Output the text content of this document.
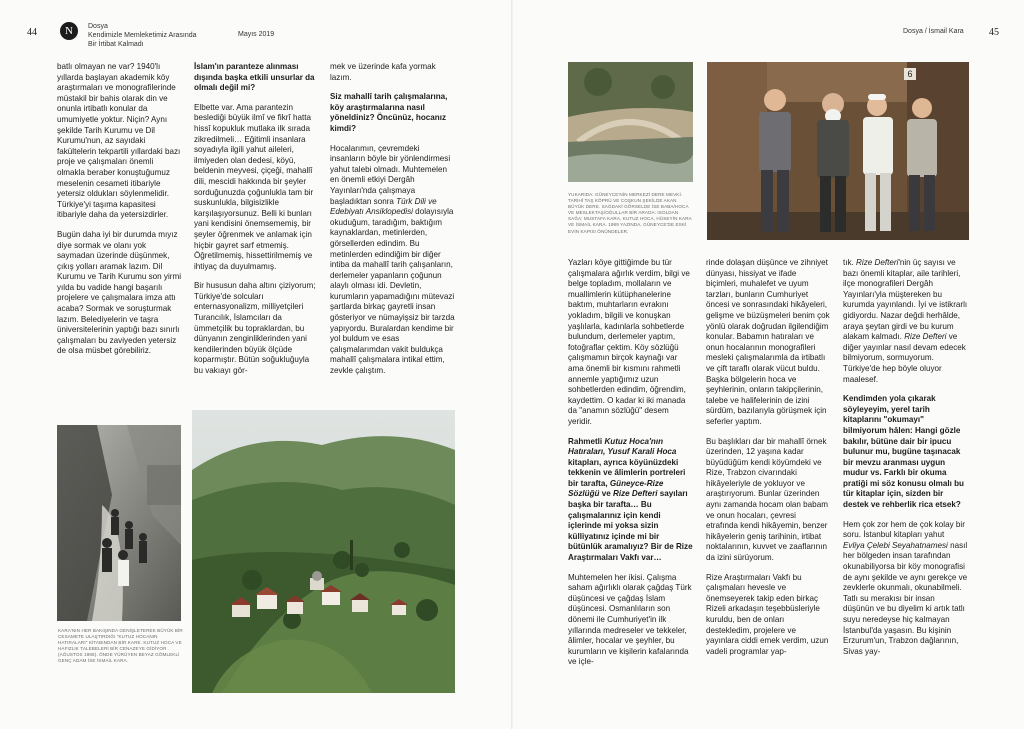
44	N	Dosya
Kendimizle Memleketimiz Arasında
Bir İrtibat Kalmadı
Mayıs 2019	Dosya / İsmail Kara	45

batlı olmayan ne var? 1940'lı yıllarda başlayan akademik köy araştırmaları ve monografilerinde müstakil bir bahis olarak din ve onunla irtibatlı konular da umumiyetle yoktur. Niçin? Aynı şekilde Tarih Kurumu ve Dil Kurumu'nun, az sayıdaki fakültelerin tekpartili yıllardaki bazı proje ve çalışmaları önemli olmakla beraber konuştuğumuz meselenin cesameti itibariyle yetersiz oldukları söylenmelidir. Türkiye'yi taşıma kapasitesi itibariyle daha da yetersizdirler.

Bugün daha iyi bir durumda mıyız diye sormak ve olanı yok saymadan üzerinde düşünmek, çıkış yolları aramak lazım. Dil Kurumu ve Tarih Kurumu son yirmi yılda bu vadide hangi başarılı projelere ve çalışmalara imza attı acaba? Sormak ve soruşturmak lazım. Belediyelerin ve taşra üniversitelerinin yaptığı bazı sınırlı çalışmaları bu zaviyeden yetersiz de olsa müsbet görebiliriz.

İslam'ın paranteze alınması dışında başka etkili unsurlar da olmalı değil mi?

Elbette var. Ama parantezin beslediği büyük ilmî ve fikrî hatta hissî kopukluk mutlaka ilk sırada zikredilmeli… Eğitimli insanlara soyadıyla ilgili yahut aileleri, ilmiyeden olan dedesi, köyü, beldenin meyvesi, çiçeği, mahallî dili, mescidi hakkında bir şeyler sorduğunuzda çoğunlukla tam bir suskunlukla, bilgisizlikle karşılaşıyorsunuz. Belli ki bunları yani kendisini önemsememiş, bir şeyler öğrenmek ve anlamak için hiçbir gayret sarf etmemiş. Öğretilmemiş, hissettirilmemiş ve ihtiyaç da duyulmamış.

Bir hususun daha altını çiziyorum; Türkiye'de solcuları enternasyonalizm, milliyetçileri Turancılık, İslamcıları da ümmetçilik bu topraklardan, bu dünyanın zenginliklerinden yani kendilerinden büyük ölçüde koparmıştır. Bütün soğukluğuyla bu vakıayı gör-

mek ve üzerinde kafa yormak lazım.

Siz mahallî tarih çalışmalarına, köy araştırmalarına nasıl yöneldiniz? Öncünüz, hocanız kimdi?

Hocalarımın, çevremdeki insanların böyle bir yönlendirmesi yahut talebi olmadı. Muhtemelen en önemli etkiyi Dergâh Yayınları'nda çalışmaya başladıktan sonra Türk Dili ve Edebiyatı Ansiklopedisi dolayısıyla okuduğum, taradığım, baktığım kaynaklardan, metinlerden, görsellerden edindim. Bu metinlerden edindiğim bir diğer intiba da mahallî tarih çalışanların, derlemeler yapanların çoğunun alaylı olması idi. Devletin, kurumların yapamadığını mütevazi şartlarda birkaç gayretli insan gösteriyor ve nümayişsiz bir tarzda yapıyordu. Buralardan kendime bir yol buldum ve esas çalışmalarımdan vakit buldukça mahallî çalışmalara intikal ettim, zevkle çalıştım.

KARA'NIN HER BAKIŞINDA GENİŞLETEREK BÜYÜK BİR CESAMETE ULAŞTIRDIĞI "KUTUZ HOCANIN HATIRALARI" KİTABINDAN BİR KARE. KUTUZ HOCA VE HAFIZLIK TALEBELERİ BİR CENAZEYE GİDİYOR (AĞUSTOS 1986). ÖNDE YÜRÜYEN BEYAZ GÖMLEKLİ GENÇ ADAM İSE İSMAİL KARA.
YUKARIDA: GÜNEYCE'NİN MERKEZİ DERE MEVKİ. TARİHÎ TAŞ KÖPRÜ VE COŞKUN ŞEKİLDE AKAN BÜYÜK DERE. SAĞDAKİ GÖRSELDE İSE BABA/HOCA VE MESLEKTAŞ/OĞULLAR BİR ARADA: ISOLDAN SAĞA: MUSTAFA KARA, KUTUZ HOCA, HÜSEYİN KARA VE İSMAİL KARA. 1989 YAZINDA, GÜNEYCE'DE ESKİ EVİN KAPISI ÖNÜNDELER.
6

Yazları köye gittiğimde bu tür çalışmalara ağırlık verdim, bilgi ve belge topladım, mollaların ve muallimlerin kütüphanelerine baktım, muhtarların evrakını yokladım, bilgili ve konuşkan yaşlılarla, kadınlarla sohbetlerde bulundum, derlemeler yaptım, fotoğraflar çektim. Köy sözlüğü çalışmamın birçok kaynağı var ama önemli bir kısmını rahmetli annemle yaptığımız uzun sohbetlerden edindim, öğrendim, kaydettim. O kadar ki iki manada da "anamın sözlüğü" desem yeridir.

Rahmetli Kutuz Hoca'nın Hatıraları, Yusuf Karali Hoca kitapları, ayrıca köyünüzdeki tekkenin ve âlimlerin portreleri bir tarafta, Güneyce-Rize Sözlüğü ve Rize Defteri sayıları başka bir tarafta… Bu çalışmalarınız için kendi içlerinde mi yoksa sizin külliyatınız içinde mi bir bütünlük aramalıyız? Bir de Rize Araştırmaları Vakfı var…

Muhtemelen her ikisi. Çalışma saham ağırlıklı olarak çağdaş Türk düşüncesi ve çağdaş İslam düşüncesi. Osmanlıların son dönemi ile Cumhuriyet'in ilk yıllarında medreseler ve tekkeler, âlimler, hocalar ve şeyhler, bu kurumların ve kişilerin kafalarında ve içle-

rinde dolaşan düşünce ve zihniyet dünyası, hissiyat ve ifade biçimleri, muhalefet ve uyum tarzları, bunların Cumhuriyet öncesi ve sonrasındaki hikâyeleri, gelişme ve büzüşmeleri benim çok yönlü olarak doğrudan ilgilendiğim konular. Babamın hatıraları ve onun hocalarının monografileri mesleki çalışmalarımla da irtibatlı ve çift taraflı olarak vücut buldu. Başka bölgelerin hoca ve şeyhlerinin, onların takipçilerinin, talebe ve halifelerinin de izini sürdüm, bazılarıyla görüşmek için seferler yaptım.

Bu başlıkları dar bir mahallî örnek üzerinden, 12 yaşına kadar büyüdüğüm kendi köyümdeki ve Rize, Trabzon civarındaki hikâyeleriyle de yokluyor ve araştırıyorum. Bunlar üzerinden aynı zamanda hocam olan babam ve onun hocaları, çevresi etrafında kendi hikâyemin, benzer hikâyelerin geniş tarihinin, irtibat noktalarının, kuvvet ve zaaflarının da izini sürüyorum.

Rize Araştırmaları Vakfı bu çalışmaları hevesle ve önemseyerek takip eden birkaç Rizeli arkadaşın teşebbüsleriyle kuruldu, ben de onları destekledim, projelere ve yayınlara ciddi emek verdim, uzun vadeli programlar yap-

tık. Rize Defteri'nin üç sayısı ve bazı önemli kitaplar, aile tarihleri, ilçe monografileri Dergâh Yayınları'yla müştereken bu kurumda yayınlandı. İyi ve istikrarlı gidiyordu. Nazar değdi herhâlde, araya şeytan girdi ve bu kurum alakam kalmadı. Rize Defteri ve diğer yayınlar nasıl devam edecek bilmiyorum, sormuyorum. Türkiye'de hep böyle oluyor maalesef.

Kendimden yola çıkarak söyleyeyim, yerel tarih kitaplarını "okumayı" bilmiyorum hâlen: Hangi gözle bakılır, bütüne dair bir ipucu bulunur mu, bugüne taşınacak bir mevzu aranması uygun mudur vs. Farklı bir okuma pratiği mi söz konusu olmalı bu tür kitaplar için, sizden bir destek ve rehberlik rica etsek?

Hem çok zor hem de çok kolay bir soru. İstanbul kitapları yahut Evliya Çelebi Seyahatnamesi nasıl her bölgeden insan tarafından okunabiliyorsa bir köy monografisi de aynı şekilde ve aynı gerekçe ve zevklerle okunmalı, okunabilmeli. Tatlı su merakısı bir insan düşünün ve bu diyelim ki artık tatlı suyu neredeyse hiç kalmayan İstanbul'da yaşasın. Bu kişinin Erzurum'un, Trabzon dağlarının, Sivas yay-
